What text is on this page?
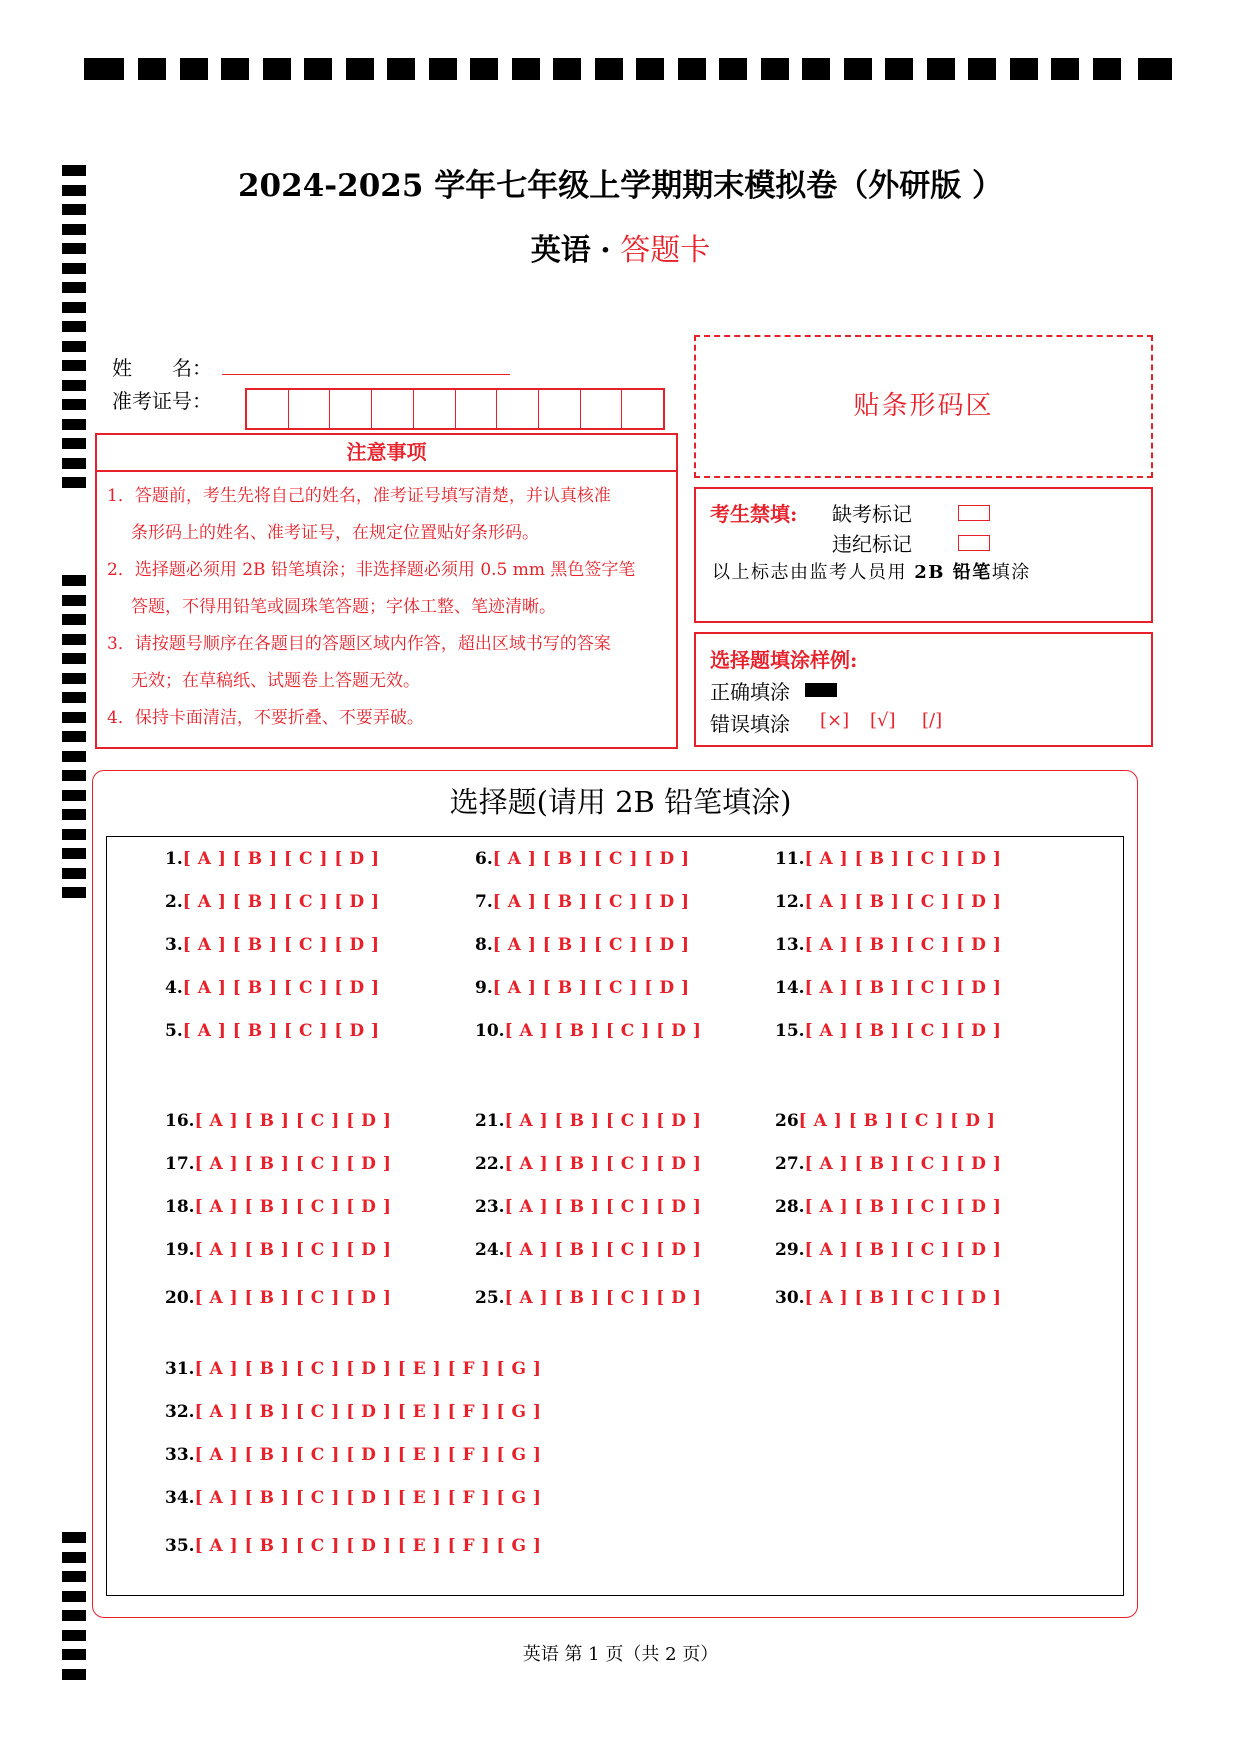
2024-2025 学年七年级上学期期末模拟卷（外研版 ）
英语 · 答题卡
姓　　名：
准考证号：
注意事项

1．答题前，考生先将自己的姓名，准考证号填写清楚，并认真核准

条形码上的姓名、准考证号，在规定位置贴好条形码。

2．选择题必须用 2B 铅笔填涂；非选择题必须用 0.5 mm 黑色签字笔

答题，不得用铅笔或圆珠笔答题；字体工整、笔迹清晰。

3．请按题号顺序在各题目的答题区域内作答，超出区域书写的答案

无效；在草稿纸、试题卷上答题无效。

4．保持卡面清洁，不要折叠、不要弄破。

贴条形码区
考生禁填: 缺考标记
违纪标记
以上标志由监考人员用 2B 铅笔填涂
选择题填涂样例:
正确填涂
错误填涂 [×] [√] [/]
选择题(请用 2B 铅笔填涂)
1.[ A ] [ B ] [ C ] [ D ]
2.[ A ] [ B ] [ C ] [ D ]
3.[ A ] [ B ] [ C ] [ D ]
4.[ A ] [ B ] [ C ] [ D ]
5.[ A ] [ B ] [ C ] [ D ]
6.[ A ] [ B ] [ C ] [ D ]
7.[ A ] [ B ] [ C ] [ D ]
8.[ A ] [ B ] [ C ] [ D ]
9.[ A ] [ B ] [ C ] [ D ]
10.[ A ] [ B ] [ C ] [ D ]
11.[ A ] [ B ] [ C ] [ D ]
12.[ A ] [ B ] [ C ] [ D ]
13.[ A ] [ B ] [ C ] [ D ]
14.[ A ] [ B ] [ C ] [ D ]
15.[ A ] [ B ] [ C ] [ D ]
16.[ A ] [ B ] [ C ] [ D ]
17.[ A ] [ B ] [ C ] [ D ]
18.[ A ] [ B ] [ C ] [ D ]
19.[ A ] [ B ] [ C ] [ D ]
20.[ A ] [ B ] [ C ] [ D ]
21.[ A ] [ B ] [ C ] [ D ]
22.[ A ] [ B ] [ C ] [ D ]
23.[ A ] [ B ] [ C ] [ D ]
24.[ A ] [ B ] [ C ] [ D ]
25.[ A ] [ B ] [ C ] [ D ]
26[ A ] [ B ] [ C ] [ D ]
27.[ A ] [ B ] [ C ] [ D ]
28.[ A ] [ B ] [ C ] [ D ]
29.[ A ] [ B ] [ C ] [ D ]
30.[ A ] [ B ] [ C ] [ D ]
31.[ A ] [ B ] [ C ] [ D ] [ E ] [ F ] [ G ]
32.[ A ] [ B ] [ C ] [ D ] [ E ] [ F ] [ G ]
33.[ A ] [ B ] [ C ] [ D ] [ E ] [ F ] [ G ]
34.[ A ] [ B ] [ C ] [ D ] [ E ] [ F ] [ G ]
35.[ A ] [ B ] [ C ] [ D ] [ E ] [ F ] [ G ]
英语 第 1 页（共 2 页）
